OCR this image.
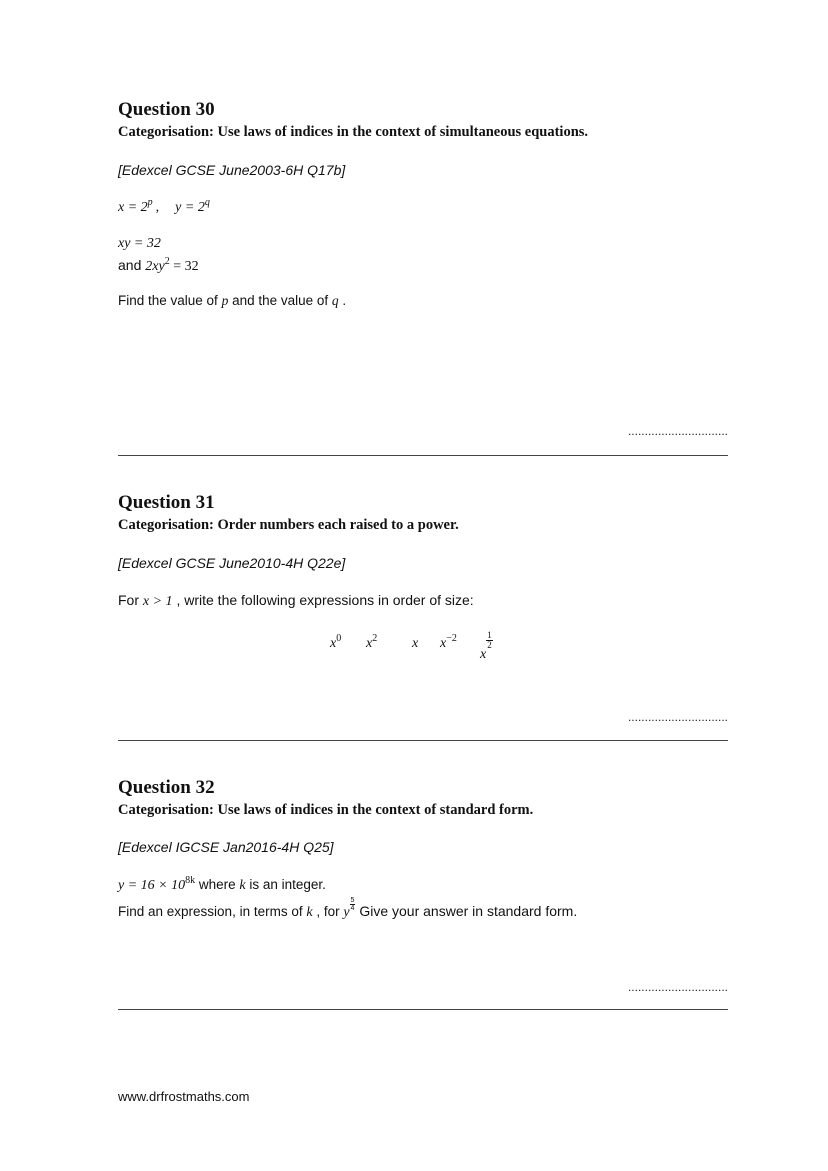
Question 30

Categorisation: Use laws of indices in the context of simultaneous equations.

[Edexcel GCSE June2003-6H Q17b]
$x = 2^p$ , $y = 2^q$
xy = 32
and $2xy^2 = 32$
Find the value of p and the value of q .
..............................

Question 31

Categorisation: Order numbers each raised to a power.

[Edexcel GCSE June2010-4H Q22e]
For x > 1 , write the following expressions in order of size:
$x^0$ $x^2$ x $x^{-2}$
x
$\frac{1}{2}$
..............................

Question 32

Categorisation: Use laws of indices in the context of standard form.

[Edexcel IGCSE Jan2016-4H Q25]
$y = 16 \times 10^{8k}$ where k is an integer.
Find an expression, in terms of k , for y
$\frac{5}{4}$ Give your answer in standard form.
..............................
www.drfrostmaths.com
